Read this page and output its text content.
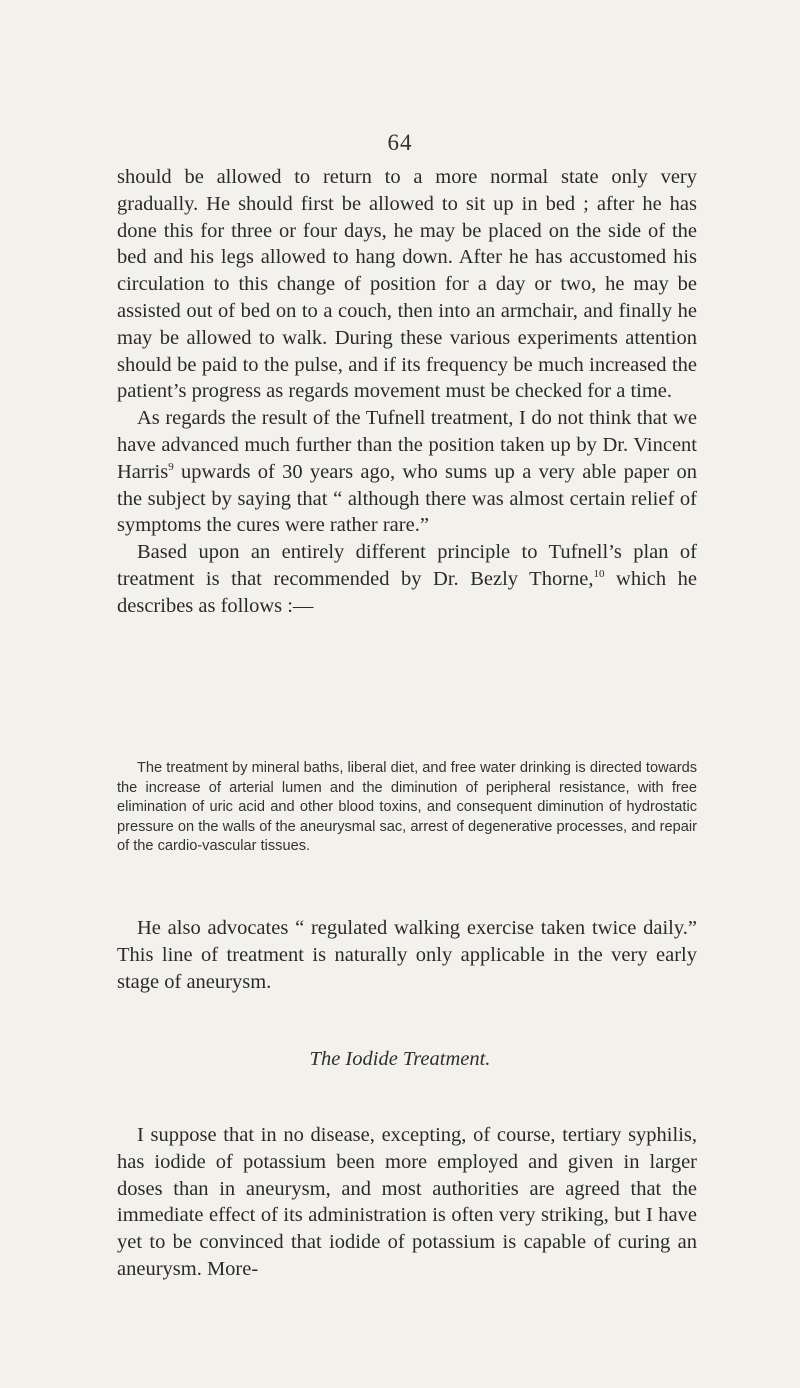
64

should be allowed to return to a more normal state only very gradually. He should first be allowed to sit up in bed ; after he has done this for three or four days, he may be placed on the side of the bed and his legs allowed to hang down. After he has accustomed his circulation to this change of position for a day or two, he may be assisted out of bed on to a couch, then into an armchair, and finally he may be allowed to walk. During these various experiments attention should be paid to the pulse, and if its frequency be much increased the patient’s progress as regards movement must be checked for a time.

As regards the result of the Tufnell treatment, I do not think that we have advanced much further than the position taken up by Dr. Vincent Harris$^9$ upwards of 30 years ago, who sums up a very able paper on the subject by saying that “ although there was almost certain relief of symptoms the cures were rather rare.”

Based upon an entirely different principle to Tufnell’s plan of treatment is that recommended by Dr. Bezly Thorne,$^{10}$ which he describes as follows :—

The treatment by mineral baths, liberal diet, and free water drinking is directed towards the increase of arterial lumen and the diminution of peripheral resistance, with free elimination of uric acid and other blood toxins, and consequent diminution of hydrostatic pressure on the walls of the aneurysmal sac, arrest of degenerative processes, and repair of the cardio-vascular tissues.

He also advocates “ regulated walking exercise taken twice daily.” This line of treatment is naturally only applicable in the very early stage of aneurysm.

The Iodide Treatment.

I suppose that in no disease, excepting, of course, tertiary syphilis, has iodide of potassium been more employed and given in larger doses than in aneurysm, and most authorities are agreed that the immediate effect of its administration is often very striking, but I have yet to be convinced that iodide of potassium is capable of curing an aneurysm. More-
